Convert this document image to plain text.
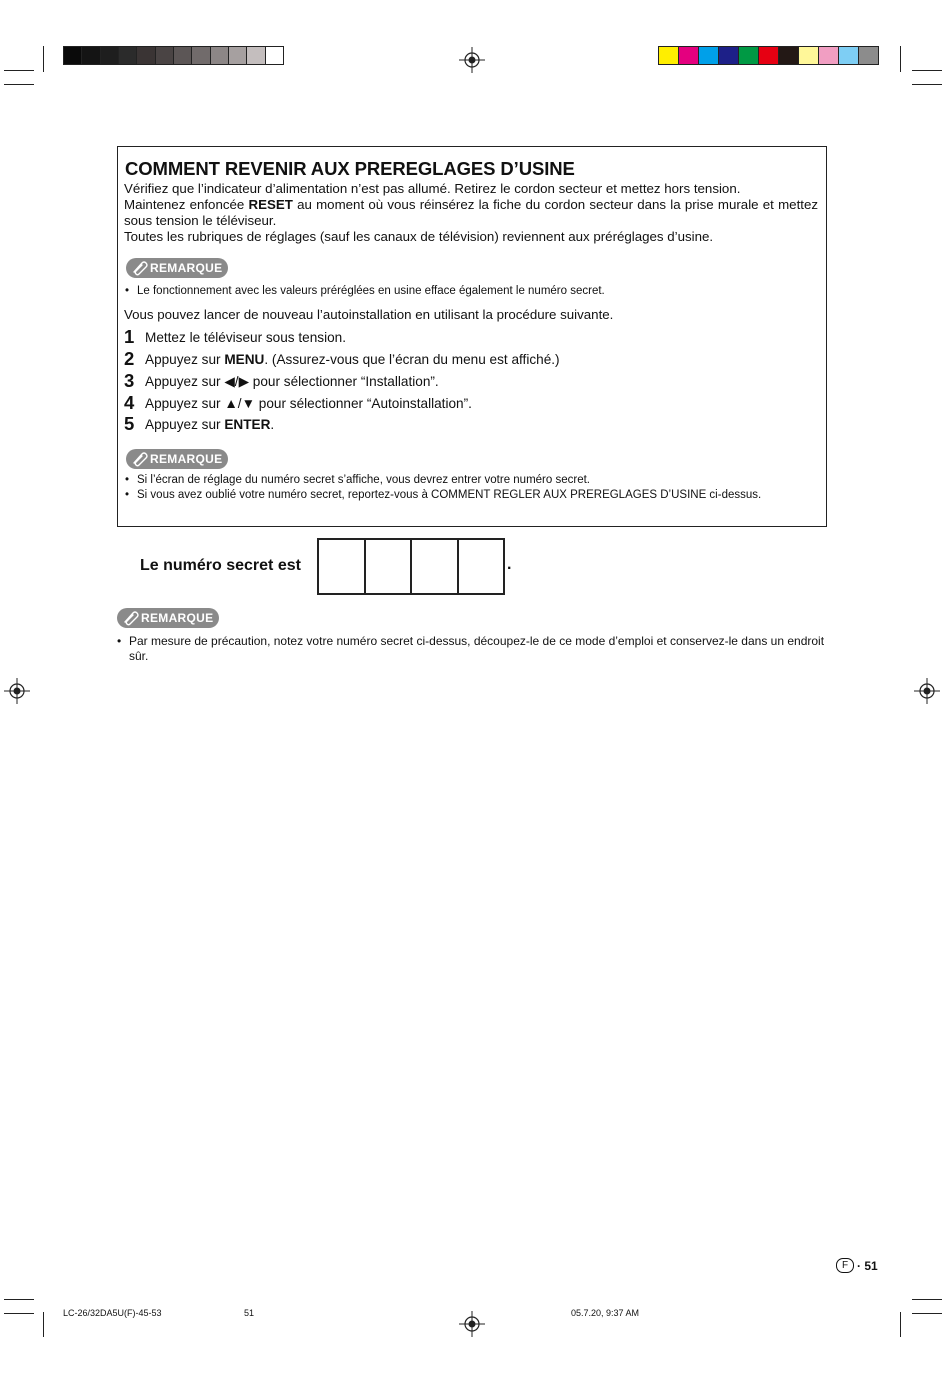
COMMENT REVENIR AUX PREREGLAGES D’USINE
Vérifiez que l’indicateur d’alimentation n’est pas allumé. Retirez le cordon secteur et mettez hors tension.
Maintenez enfoncée RESET au moment où vous réinsérez la fiche du cordon secteur dans la prise murale et mettez sous tension le téléviseur.
Toutes les rubriques de réglages (sauf les canaux de télévision) reviennent aux préréglages d’usine.
REMARQUE
• Le fonctionnement avec les valeurs préréglées en usine efface également le numéro secret.
Vous pouvez lancer de nouveau l’autoinstallation en utilisant la procédure suivante.
1 Mettez le téléviseur sous tension.
2 Appuyez sur MENU. (Assurez-vous que l’écran du menu est affiché.)
3 Appuyez sur ◀/▶ pour sélectionner “Installation”.
4 Appuyez sur ▲/▼ pour sélectionner “Autoinstallation”.
5 Appuyez sur ENTER.
REMARQUE
• Si l’écran de réglage du numéro secret s’affiche, vous devrez entrer votre numéro secret.
• Si vous avez oublié votre numéro secret, reportez-vous à COMMENT REGLER AUX PREREGLAGES D’USINE ci-dessus.
Le numéro secret est	.
REMARQUE
• Par mesure de précaution, notez votre numéro secret ci-dessus, découpez-le de ce mode d’emploi et conservez-le dans un endroit sûr.
F · 51
LC-26/32DA5U(F)-45-53	51	05.7.20, 9:37 AM
